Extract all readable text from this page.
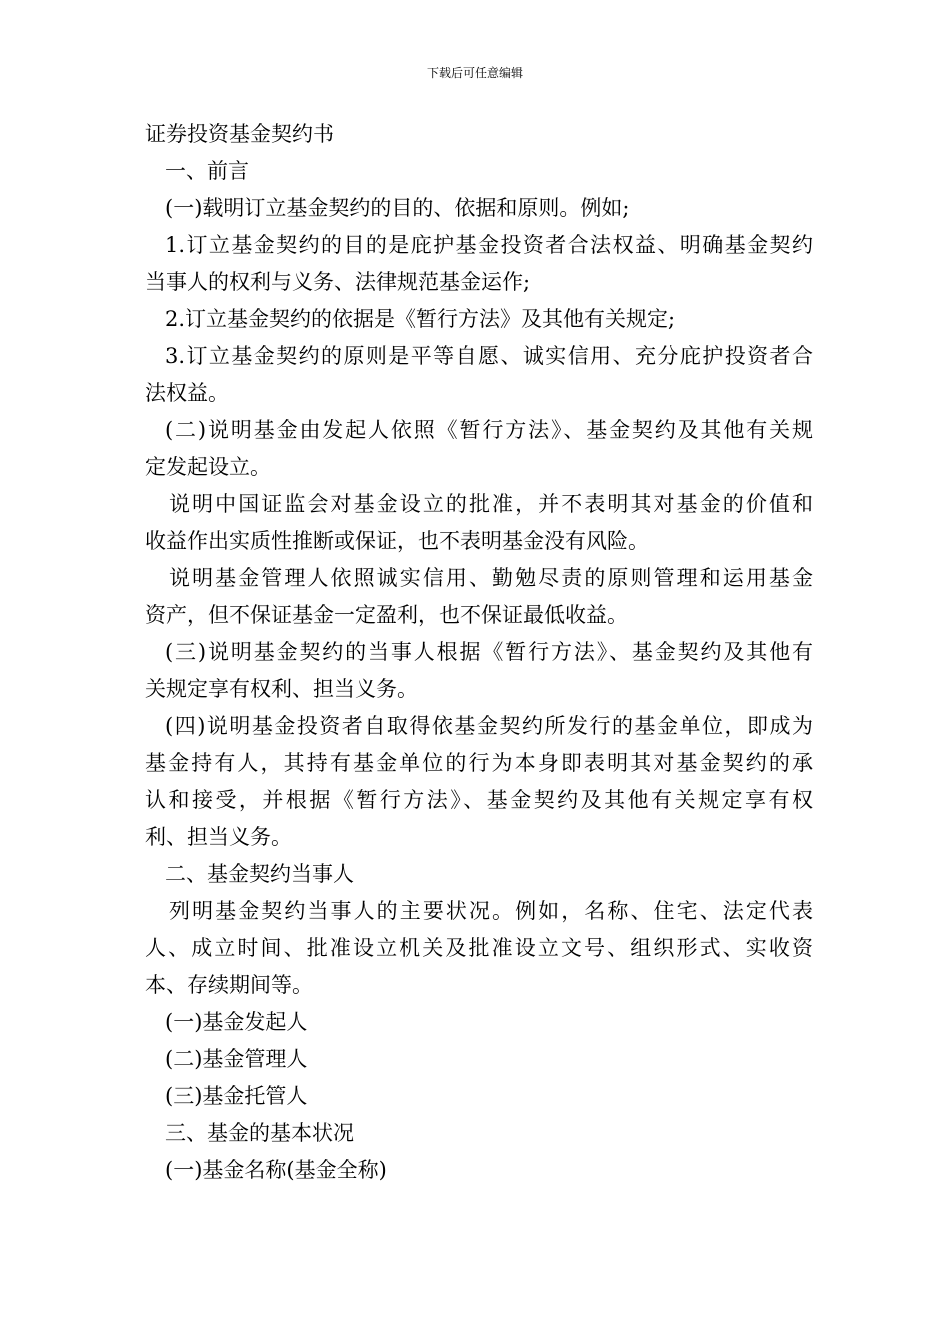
下载后可任意编辑
证券投资基金契约书
一、前言
(一)载明订立基金契约的目的、依据和原则。例如;
1.订立基金契约的目的是庇护基金投资者合法权益、明确基金契约
当事人的权利与义务、法律规范基金运作;
2.订立基金契约的依据是《暂行方法》及其他有关规定;
3.订立基金契约的原则是平等自愿、诚实信用、充分庇护投资者合
法权益。
(二)说明基金由发起人依照《暂行方法》、基金契约及其他有关规
定发起设立。
说明中国证监会对基金设立的批准，并不表明其对基金的价值和
收益作出实质性推断或保证，也不表明基金没有风险。
说明基金管理人依照诚实信用、勤勉尽责的原则管理和运用基金
资产，但不保证基金一定盈利，也不保证最低收益。
(三)说明基金契约的当事人根据《暂行方法》、基金契约及其他有
关规定享有权利、担当义务。
(四)说明基金投资者自取得依基金契约所发行的基金单位，即成为
基金持有人，其持有基金单位的行为本身即表明其对基金契约的承
认和接受，并根据《暂行方法》、基金契约及其他有关规定享有权
利、担当义务。
二、基金契约当事人
列明基金契约当事人的主要状况。例如，名称、住宅、法定代表
人、成立时间、批准设立机关及批准设立文号、组织形式、实收资
本、存续期间等。
(一)基金发起人
(二)基金管理人
(三)基金托管人
三、基金的基本状况
(一)基金名称(基金全称)
